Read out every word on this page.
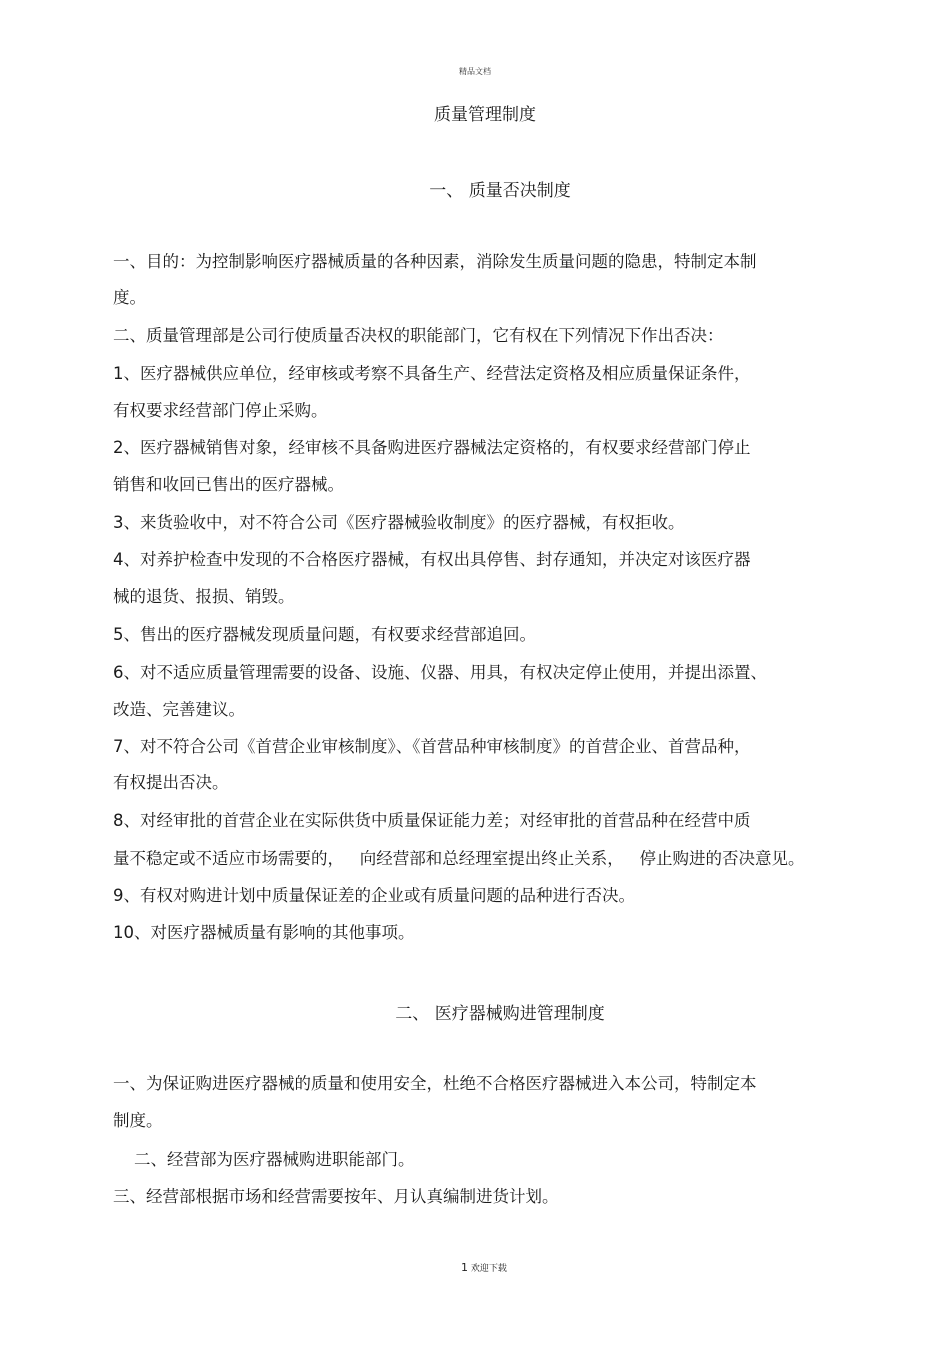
精品文档
质量管理制度
一、 质量否决制度
一、目的：为控制影响医疗器械质量的各种因素，消除发生质量问题的隐患，特制定本制
度。
二、质量管理部是公司行使质量否决权的职能部门，它有权在下列情况下作出否决：
1、医疗器械供应单位，经审核或考察不具备生产、经营法定资格及相应质量保证条件，
有权要求经营部门停止采购。
2、医疗器械销售对象，经审核不具备购进医疗器械法定资格的，有权要求经营部门停止
销售和收回已售出的医疗器械。
3、来货验收中，对不符合公司《医疗器械验收制度》的医疗器械，有权拒收。
4、对养护检查中发现的不合格医疗器械，有权出具停售、封存通知，并决定对该医疗器
械的退货、报损、销毁。
5、售出的医疗器械发现质量问题，有权要求经营部追回。
6、对不适应质量管理需要的设备、设施、仪器、用具，有权决定停止使用，并提出添置、
改造、完善建议。
7、对不符合公司《首营企业审核制度》、《首营品种审核制度》的首营企业、首营品种，
有权提出否决。
8、对经审批的首营企业在实际供货中质量保证能力差；对经审批的首营品种在经营中质
量不稳定或不适应市场需要的，   向经营部和总经理室提出终止关系，   停止购进的否决意见。
9、有权对购进计划中质量保证差的企业或有质量问题的品种进行否决。
10、对医疗器械质量有影响的其他事项。
二、 医疗器械购进管理制度
一、为保证购进医疗器械的质量和使用安全，杜绝不合格医疗器械进入本公司，特制定本
制度。
二、经营部为医疗器械购进职能部门。
三、经营部根据市场和经营需要按年、月认真编制进货计划。
1 欢迎下载
